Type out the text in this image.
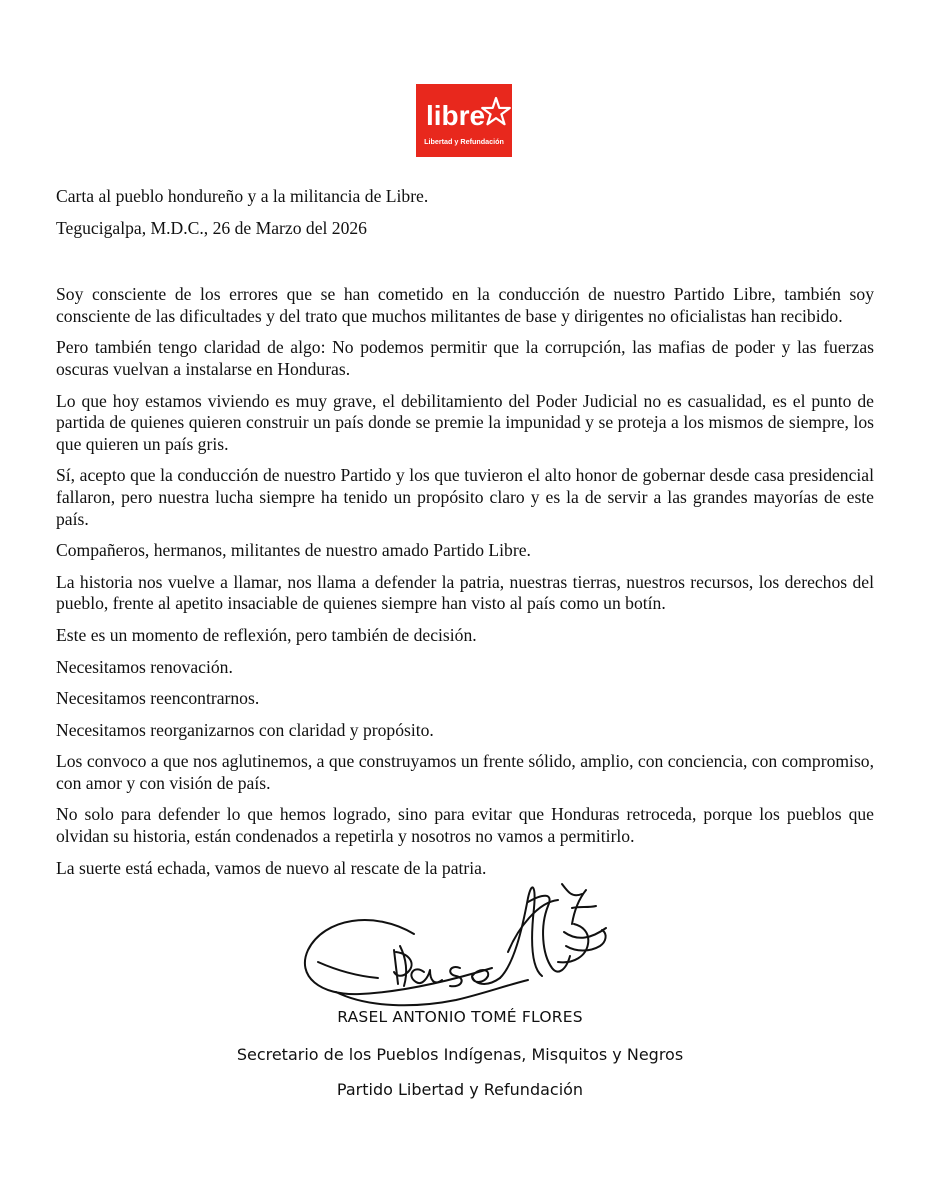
libre
Libertad y Refundación

Carta al pueblo hondureño y a la militancia de Libre.

Tegucigalpa, M.D.C., 26 de Marzo del 2026

Soy consciente de los errores que se han cometido en la conducción de nuestro Partido Libre, también soy consciente de las dificultades y del trato que muchos militantes de base y dirigentes no oficialistas han recibido.

Pero también tengo claridad de algo: No podemos permitir que la corrupción, las mafias de poder y las fuerzas oscuras vuelvan a instalarse en Honduras.

Lo que hoy estamos viviendo es muy grave, el debilitamiento del Poder Judicial no es casualidad, es el punto de partida de quienes quieren construir un país donde se premie la impunidad y se proteja a los mismos de siempre, los que quieren un país gris.

Sí, acepto que la conducción de nuestro Partido y los que tuvieron el alto honor de gobernar desde casa presidencial fallaron, pero nuestra lucha siempre ha tenido un propósito claro y es la de servir a las grandes mayorías de este país.

Compañeros, hermanos, militantes de nuestro amado Partido Libre.

La historia nos vuelve a llamar, nos llama a defender la patria, nuestras tierras, nuestros recursos, los derechos del pueblo, frente al apetito insaciable de quienes siempre han visto al país como un botín.

Este es un momento de reflexión, pero también de decisión.

Necesitamos renovación.

Necesitamos reencontrarnos.

Necesitamos reorganizarnos con claridad y propósito.

Los convoco a que nos aglutinemos, a que construyamos un frente sólido, amplio, con conciencia, con compromiso, con amor y con visión de país.

No solo para defender lo que hemos logrado, sino para evitar que Honduras retroceda, porque los pueblos que olvidan su historia, están condenados a repetirla y nosotros no vamos a permitirlo.

La suerte está echada, vamos de nuevo al rescate de la patria.

RASEL ANTONIO TOMÉ FLORES
Secretario de los Pueblos Indígenas, Misquitos y Negros
Partido Libertad y Refundación
